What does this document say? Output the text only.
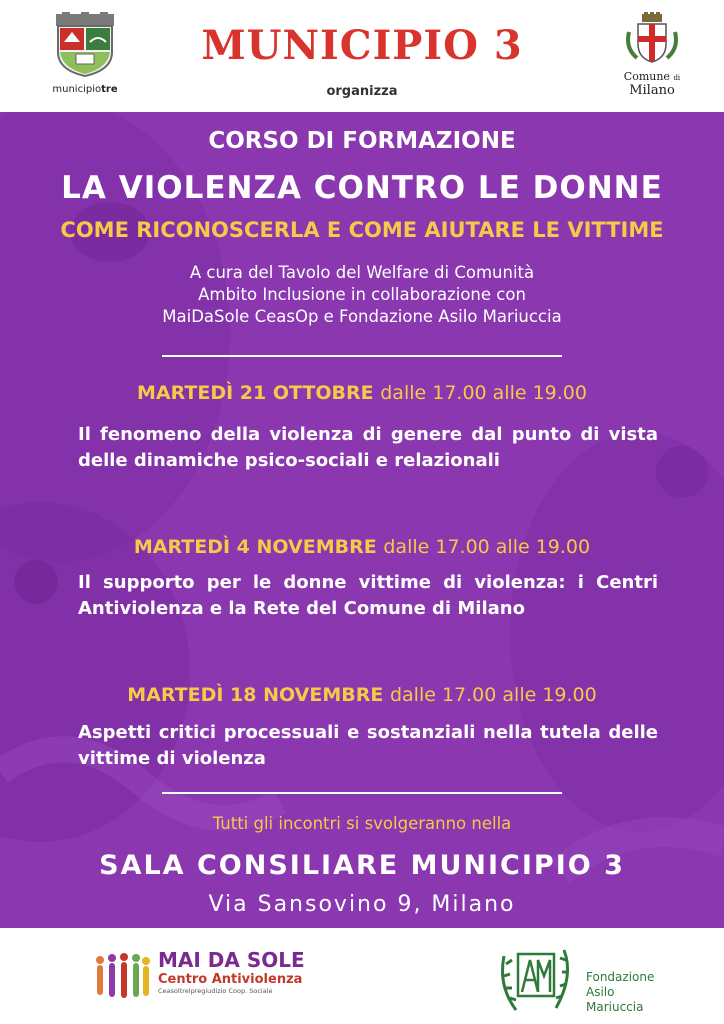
municipiotre
MUNICIPIO 3
organizza
Comune di
Milano
CORSO DI FORMAZIONE
LA VIOLENZA CONTRO LE DONNE
COME RICONOSCERLA E COME AIUTARE LE VITTIME
A cura del Tavolo del Welfare di Comunità
Ambito Inclusione in collaborazione con
MaiDaSole CeasOp e Fondazione Asilo Mariuccia
MARTEDÌ 21 OTTOBRE dalle 17.00 alle 19.00
Il fenomeno della violenza di genere dal punto di vista delle dinamiche psico-sociali e relazionali
MARTEDÌ 4 NOVEMBRE dalle 17.00 alle 19.00
Il supporto per le donne vittime di violenza: i Centri Antiviolenza e la Rete del Comune di Milano
MARTEDÌ 18 NOVEMBRE dalle 17.00 alle 19.00
Aspetti critici processuali e sostanziali nella tutela delle vittime di violenza
Tutti gli incontri si svolgeranno nella
SALA CONSILIARE MUNICIPIO 3
Via Sansovino 9, Milano
MAI DA SOLE
Centro Antiviolenza
Ceasoltrelpregiudizio Coop. Sociale
Fondazione
Asilo Mariuccia
